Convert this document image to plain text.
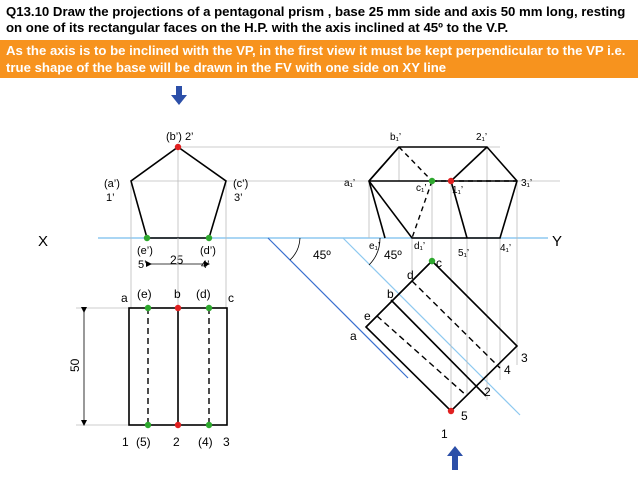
Q13.10 Draw the projections of a pentagonal prism , base 25 mm side and axis 50 mm long, resting on one of its rectangular faces on the H.P. with the axis inclined at 45º to the V.P.
As the axis is to be inclined with the VP, in the first view it must be kept perpendicular to the VP i.e. true shape of the base will be drawn in the FV with one side on XY line
X	Y
25
(b’) 2’
(a’)
1’
(c’)
3’
(e’)
5’
(d’)
4’
50
a (e) b (d) c
1 (5) 2 (4) 3
45º	45º
b₁’	2₁’
a₁’	c₁’	1₁’
3₁’
e₁’	d₁’
5₁’	4₁’
c
d
b
e
a
3
4
2
5
1
